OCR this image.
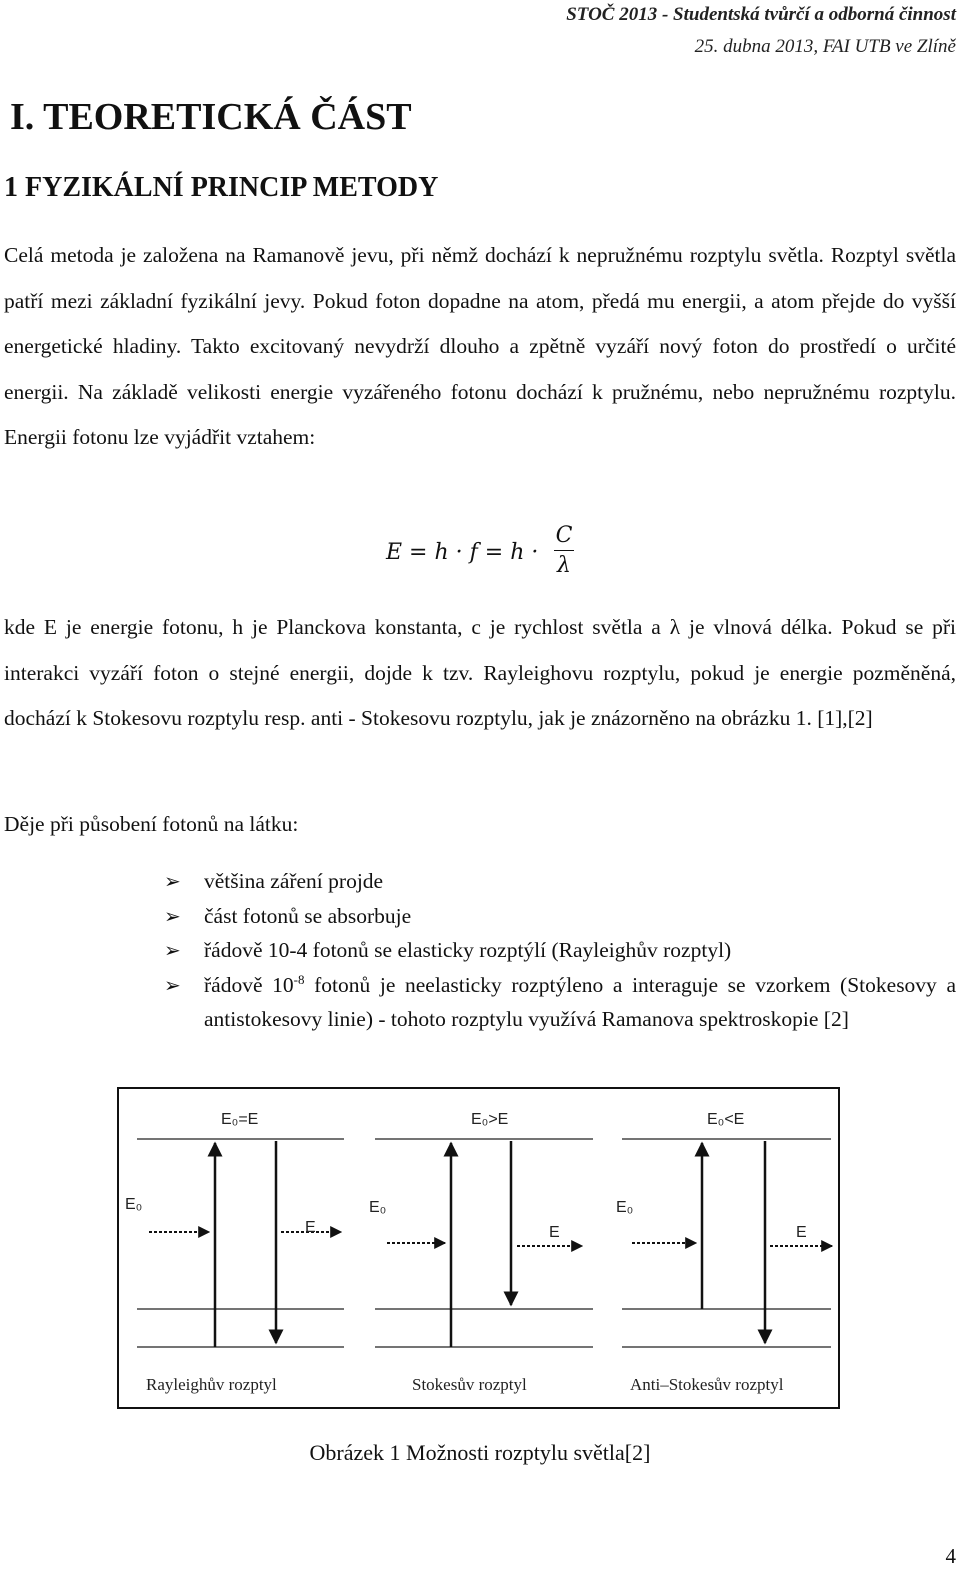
STOČ 2013 - Studentská tvůrčí a odborná činnost
25. dubna 2013, FAI UTB ve Zlíně
I. TEORETICKÁ ČÁST
1 FYZIKÁLNÍ PRINCIP METODY

Celá metoda je založena na Ramanově jevu, při němž dochází k nepružnému rozptylu světla. Rozptyl světla patří mezi základní fyzikální jevy. Pokud foton dopadne na atom, předá mu energii, a atom přejde do vyšší energetické hladiny. Takto excitovaný nevydrží dlouho a zpětně vyzáří nový foton do prostředí o určité energii. Na základě velikosti energie vyzářeného fotonu dochází k pružnému, nebo nepružnému rozptylu. Energii fotonu lze vyjádřit vztahem:

E = h · f = h ·
C
λ

kde E je energie fotonu, h je Planckova konstanta, c je rychlost světla a λ je vlnová délka. Pokud se při interakci vyzáří foton o stejné energii, dojde k tzv. Rayleighovu rozptylu, pokud je energie pozměněná, dochází k Stokesovu rozptylu resp. anti - Stokesovu rozptylu, jak je znázorněno na obrázku 1. [1],[2]

Děje při působení fotonů na látku:

➢ většina záření projde
➢ část fotonů se absorbuje
➢ řádově 10-4 fotonů se elasticky rozptýlí (Rayleighův rozptyl)
➢ řádově $10^{-8}$ fotonů je neelasticky rozptýleno a interaguje se vzorkem (Stokesovy a antistokesovy linie) - tohoto rozptylu využívá Ramanova spektroskopie [2]
E₀=E
E₀
E
Rayleighův rozptyl
E₀>E
E₀
E
Stokesův rozptyl
E₀<E
E₀
E
Anti–Stokesův rozptyl
Obrázek 1 Možnosti rozptylu světla[2]
4
